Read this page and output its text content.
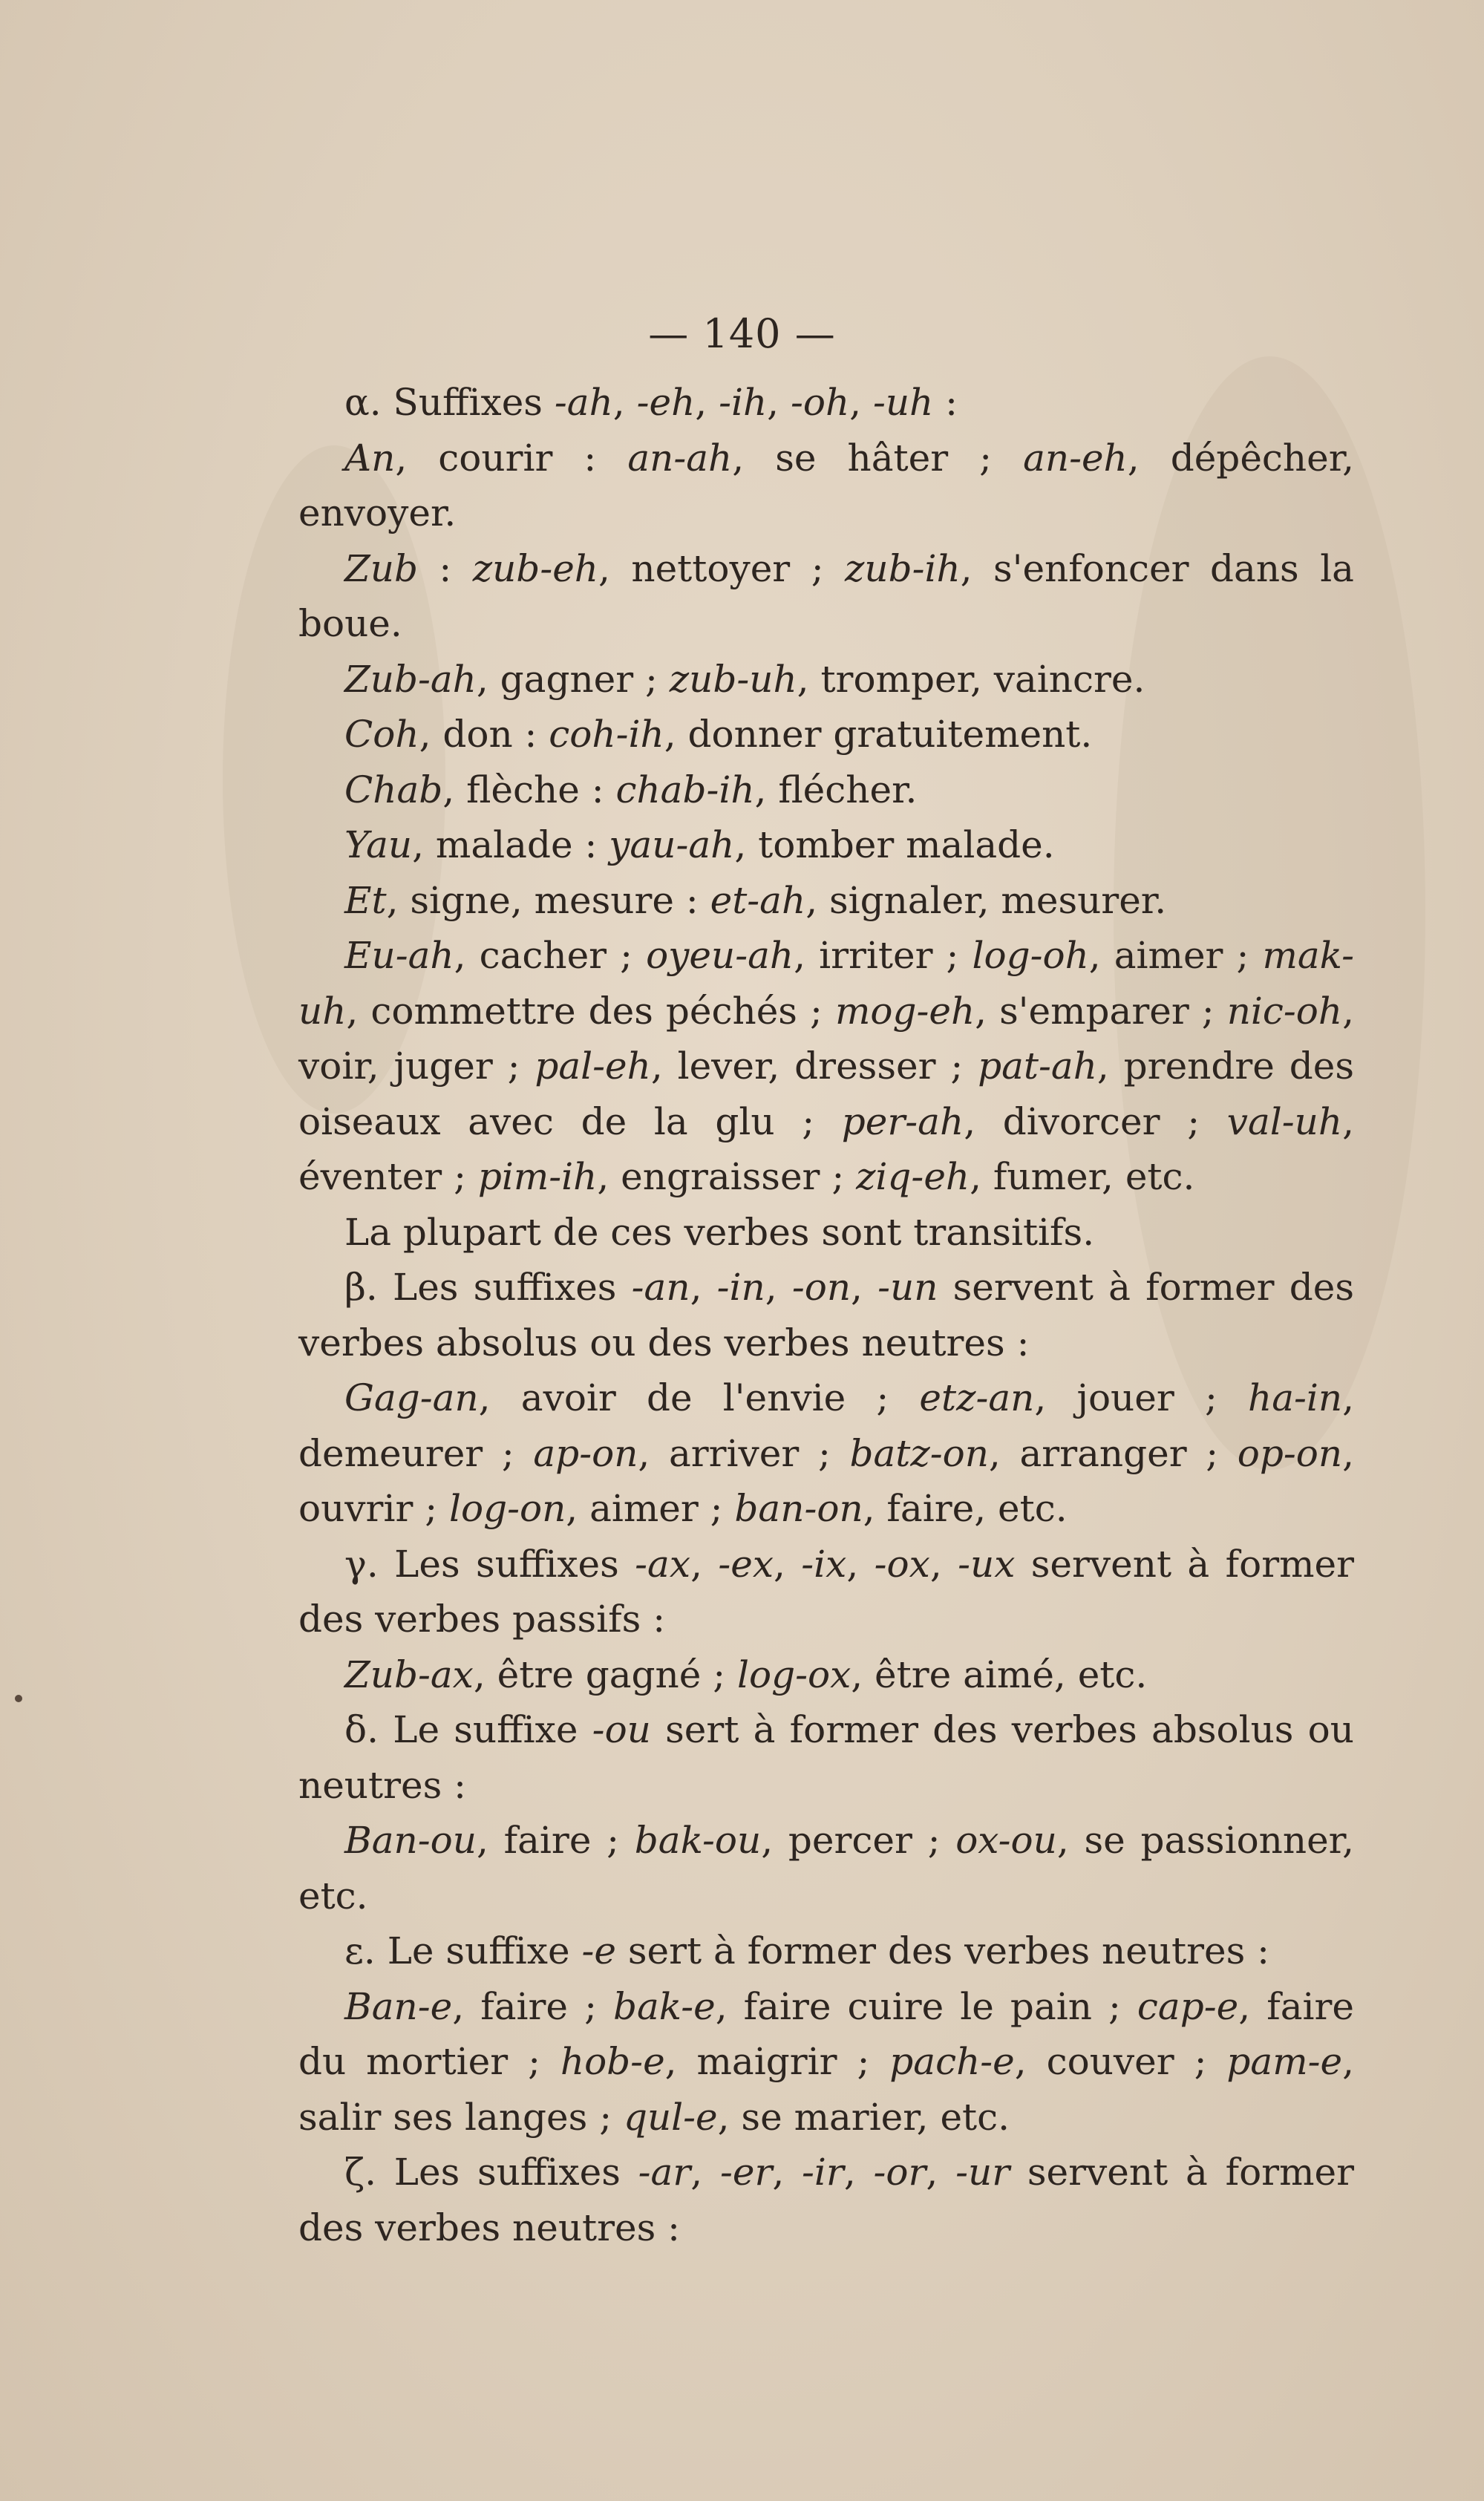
— 140 —

α. Suffixes -ah, -eh, -ih, -oh, -uh :

An, courir : an-ah, se hâter ; an-eh, dépêcher, envoyer.

Zub : zub-eh, nettoyer ; zub-ih, s'enfoncer dans la boue.

Zub-ah, gagner ; zub-uh, tromper, vaincre.

Coh, don : coh-ih, donner gratuitement.

Chab, flèche : chab-ih, flécher.

Yau, malade : yau-ah, tomber malade.

Et, signe, mesure : et-ah, signaler, mesurer.

Eu-ah, cacher ; oyeu-ah, irriter ; log-oh, aimer ; mak-uh, commettre des péchés ; mog-eh, s'emparer ; nic-oh, voir, juger ; pal-eh, lever, dresser ; pat-ah, prendre des oiseaux avec de la glu ; per-ah, divorcer ; val-uh, éventer ; pim-ih, engraisser ; ziq-eh, fumer, etc.

La plupart de ces verbes sont transitifs.

β. Les suffixes -an, -in, -on, -un servent à former des verbes absolus ou des verbes neutres :

Gag-an, avoir de l'envie ; etz-an, jouer ; ha-in, demeurer ; ap-on, arriver ; batz-on, arranger ; op-on, ouvrir ; log-on, aimer ; ban-on, faire, etc.

γ. Les suffixes -ax, -ex, -ix, -ox, -ux servent à former des verbes passifs :

Zub-ax, être gagné ; log-ox, être aimé, etc.

δ. Le suffixe -ou sert à former des verbes absolus ou neutres :

Ban-ou, faire ; bak-ou, percer ; ox-ou, se passionner, etc.

ε. Le suffixe -e sert à former des verbes neutres :

Ban-e, faire ; bak-e, faire cuire le pain ; cap-e, faire du mortier ; hob-e, maigrir ; pach-e, couver ; pam-e, salir ses langes ; qul-e, se marier, etc.

ζ. Les suffixes -ar, -er, -ir, -or, -ur servent à former des verbes neutres :
